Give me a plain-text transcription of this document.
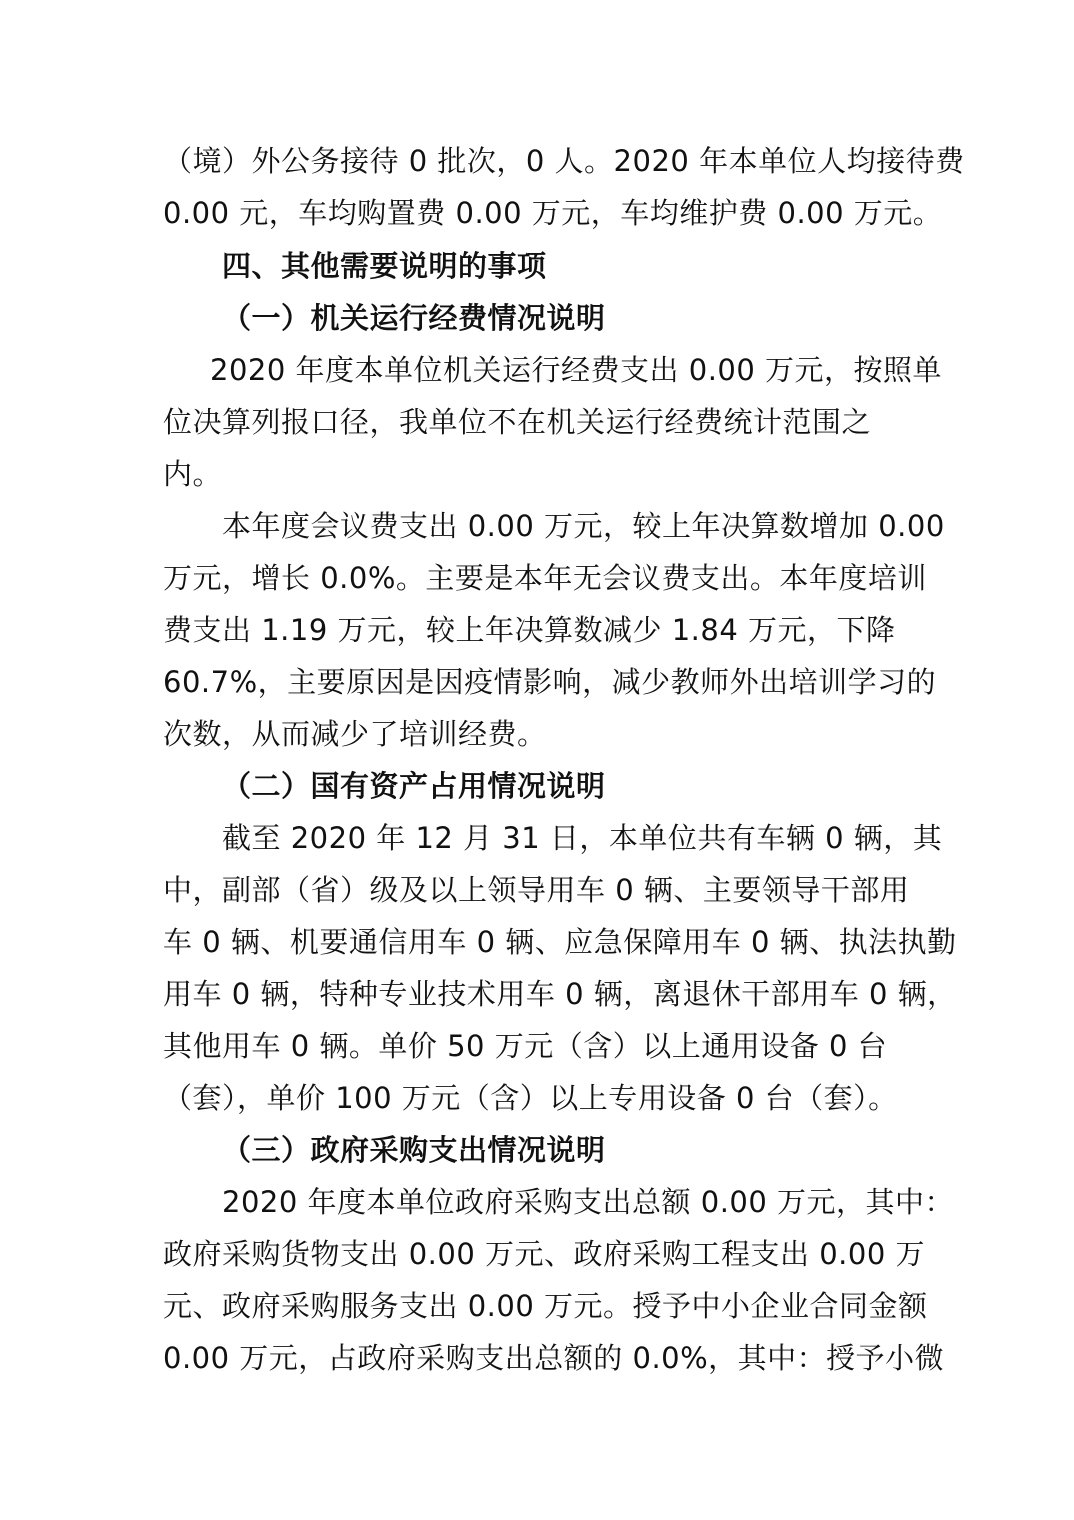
（境）外公务接待 0 批次，0 人。2020 年本单位人均接待费
0.00 元，车均购置费 0.00 万元，车均维护费 0.00 万元。
四、其他需要说明的事项
（一）机关运行经费情况说明
2020 年度本单位机关运行经费支出 0.00 万元，按照单
位决算列报口径，我单位不在机关运行经费统计范围之
内。
本年度会议费支出 0.00 万元，较上年决算数增加 0.00
万元，增长 0.0%。主要是本年无会议费支出。本年度培训
费支出 1.19 万元，较上年决算数减少 1.84 万元，下降
60.7%，主要原因是因疫情影响，减少教师外出培训学习的
次数，从而减少了培训经费。
（二）国有资产占用情况说明
截至 2020 年 12 月 31 日，本单位共有车辆 0 辆，其
中，副部（省）级及以上领导用车 0 辆、主要领导干部用
车 0 辆、机要通信用车 0 辆、应急保障用车 0 辆、执法执勤
用车 0 辆，特种专业技术用车 0 辆，离退休干部用车 0 辆，
其他用车 0 辆。单价 50 万元（含）以上通用设备 0 台
（套），单价 100 万元（含）以上专用设备 0 台（套）。
（三）政府采购支出情况说明
2020 年度本单位政府采购支出总额 0.00 万元，其中：
政府采购货物支出 0.00 万元、政府采购工程支出 0.00 万
元、政府采购服务支出 0.00 万元。授予中小企业合同金额
0.00 万元，占政府采购支出总额的 0.0%，其中：授予小微
